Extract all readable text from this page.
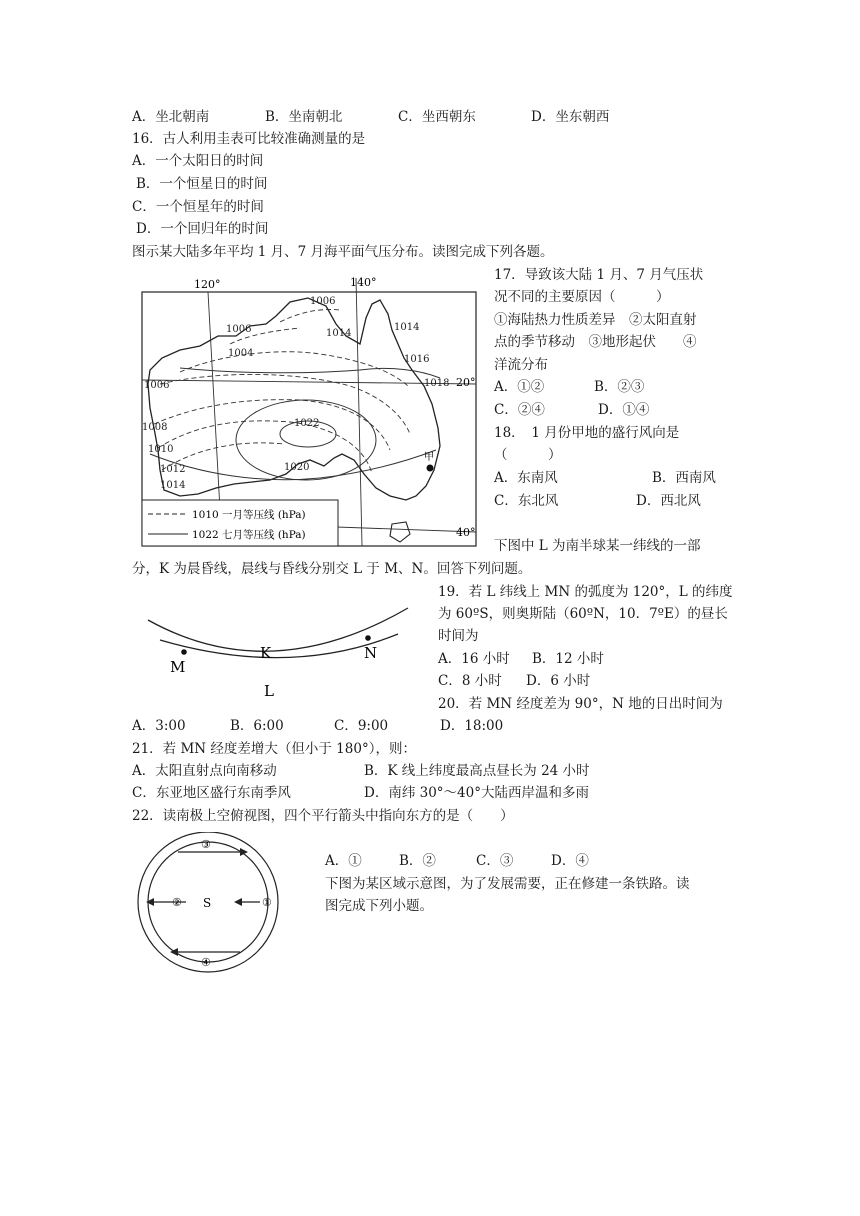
A．坐北朝南	B．坐南朝北	C．坐西朝东	D．坐东朝西
16．古人利用圭表可比较准确测量的是
A．一个太阳日的时间
B．一个恒星日的时间
C．一个恒星年的时间
D．一个回归年的时间
图示某大陆多年平均 1 月、7 月海平面气压分布。读图完成下列各题。
120°	140°
20°
40°
1006
1006	1014
1014
1004
1016
1006	1018
1008	1022
1010
1012	1020
1014
甲
1010 一月等压线 (hPa)
1022 七月等压线 (hPa)
17．导致该大陆 1 月、7 月气压状
况不同的主要原因（　　　）
①海陆热力性质差异　②太阳直射
点的季节移动　③地形起伏　　④
洋流分布
A．①②	B．②③
C．②④	D．①④
18．　1 月份甲地的盛行风向是
（　　　）
A．东南风	B．西南风
C．东北风	D．西北风
下图中 L 为南半球某一纬线的一部
分，K 为晨昏线，晨线与昏线分别交 L 于 M、N。回答下列问题。
M
K	N
L
19．若 L 纬线上 MN 的弧度为 120°，L 的纬度
为 60ºS，则奥斯陆（60ºN，10．7ºE）的昼长
时间为
A．16 小时 B．12 小时
C．8 小时 D．6 小时
20．若 MN 经度差为 90°，N 地的日出时间为
A．3:00	B．6:00	C．9:00	D．18:00
21．若 MN 经度差增大（但小于 180°），则：
A．太阳直射点向南移动	B．K 线上纬度最高点昼长为 24 小时
C．东亚地区盛行东南季风	D．南纬 30°～40°大陆西岸温和多雨
22．读南极上空俯视图，四个平行箭头中指向东方的是（　　）
③
④
②	①
S
A．①	B．②	C．③	D．④
下图为某区域示意图，为了发展需要，正在修建一条铁路。读
图完成下列小题。
